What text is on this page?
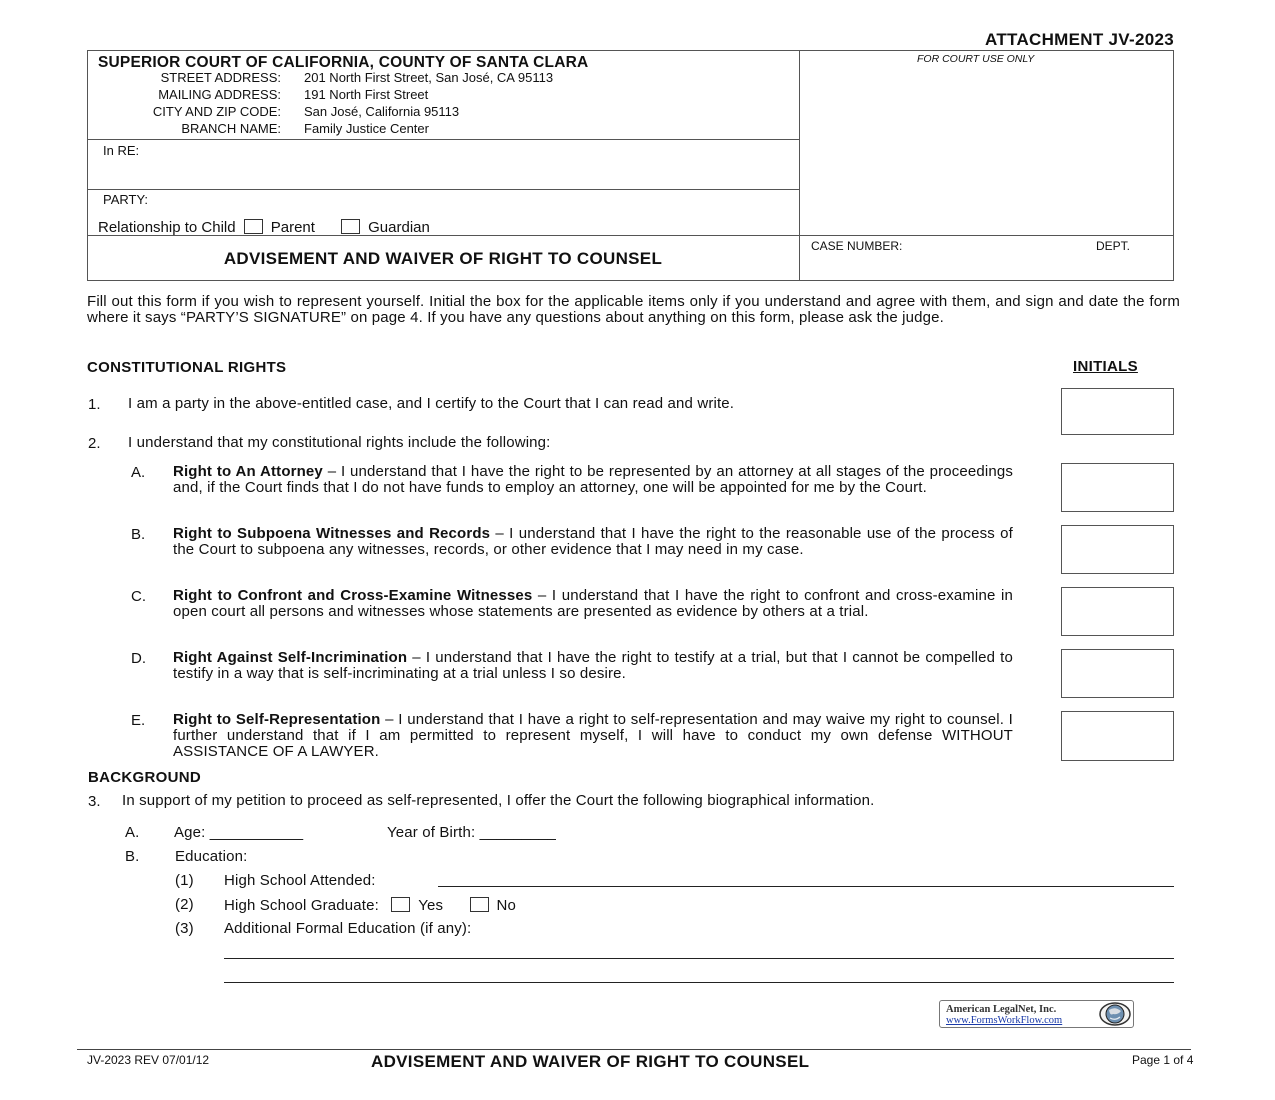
ATTACHMENT JV-2023
SUPERIOR COURT OF CALIFORNIA, COUNTY OF SANTA CLARA
STREET ADDRESS: 201 North First Street, San José, CA 95113
MAILING ADDRESS: 191 North First Street
CITY AND ZIP CODE: San José, California 95113
BRANCH NAME: Family Justice Center
FOR COURT USE ONLY
In RE:
PARTY:
Relationship to Child Parent	Guardian
ADVISEMENT AND WAIVER OF RIGHT TO COUNSEL
CASE NUMBER:	DEPT.
Fill out this form if you wish to represent yourself. Initial the box for the applicable items only if you understand and agree with them, and sign and date the form where it says “PARTY’S SIGNATURE” on page 4. If you have any questions about anything on this form, please ask the judge.
CONSTITUTIONAL RIGHTS	INITIALS
1. I am a party in the above-entitled case, and I certify to the Court that I can read and write.
2. I understand that my constitutional rights include the following:
A. Right to An Attorney – I understand that I have the right to be represented by an attorney at all stages of the proceedings and, if the Court finds that I do not have funds to employ an attorney, one will be appointed for me by the Court.
B. Right to Subpoena Witnesses and Records – I understand that I have the right to the reasonable use of the process of the Court to subpoena any witnesses, records, or other evidence that I may need in my case.
C. Right to Confront and Cross-Examine Witnesses – I understand that I have the right to confront and cross-examine in open court all persons and witnesses whose statements are presented as evidence by others at a trial.
D. Right Against Self-Incrimination – I understand that I have the right to testify at a trial, but that I cannot be compelled to testify in a way that is self-incriminating at a trial unless I so desire.
E. Right to Self-Representation – I understand that I have a right to self-representation and may waive my right to counsel. I further understand that if I am permitted to represent myself, I will have to conduct my own defense WITHOUT ASSISTANCE OF A LAWYER.
BACKGROUND
3. In support of my petition to proceed as self-represented, I offer the Court the following biographical information.
A. Age: ___________	Year of Birth: _________
B. Education:
(1) High School Attended:
(2) High School Graduate:	Yes	No
(3) Additional Formal Education (if any):
American LegalNet, Inc.
www.FormsWorkFlow.com
JV-2023 REV 07/01/12	ADVISEMENT AND WAIVER OF RIGHT TO COUNSEL	Page 1 of 4
